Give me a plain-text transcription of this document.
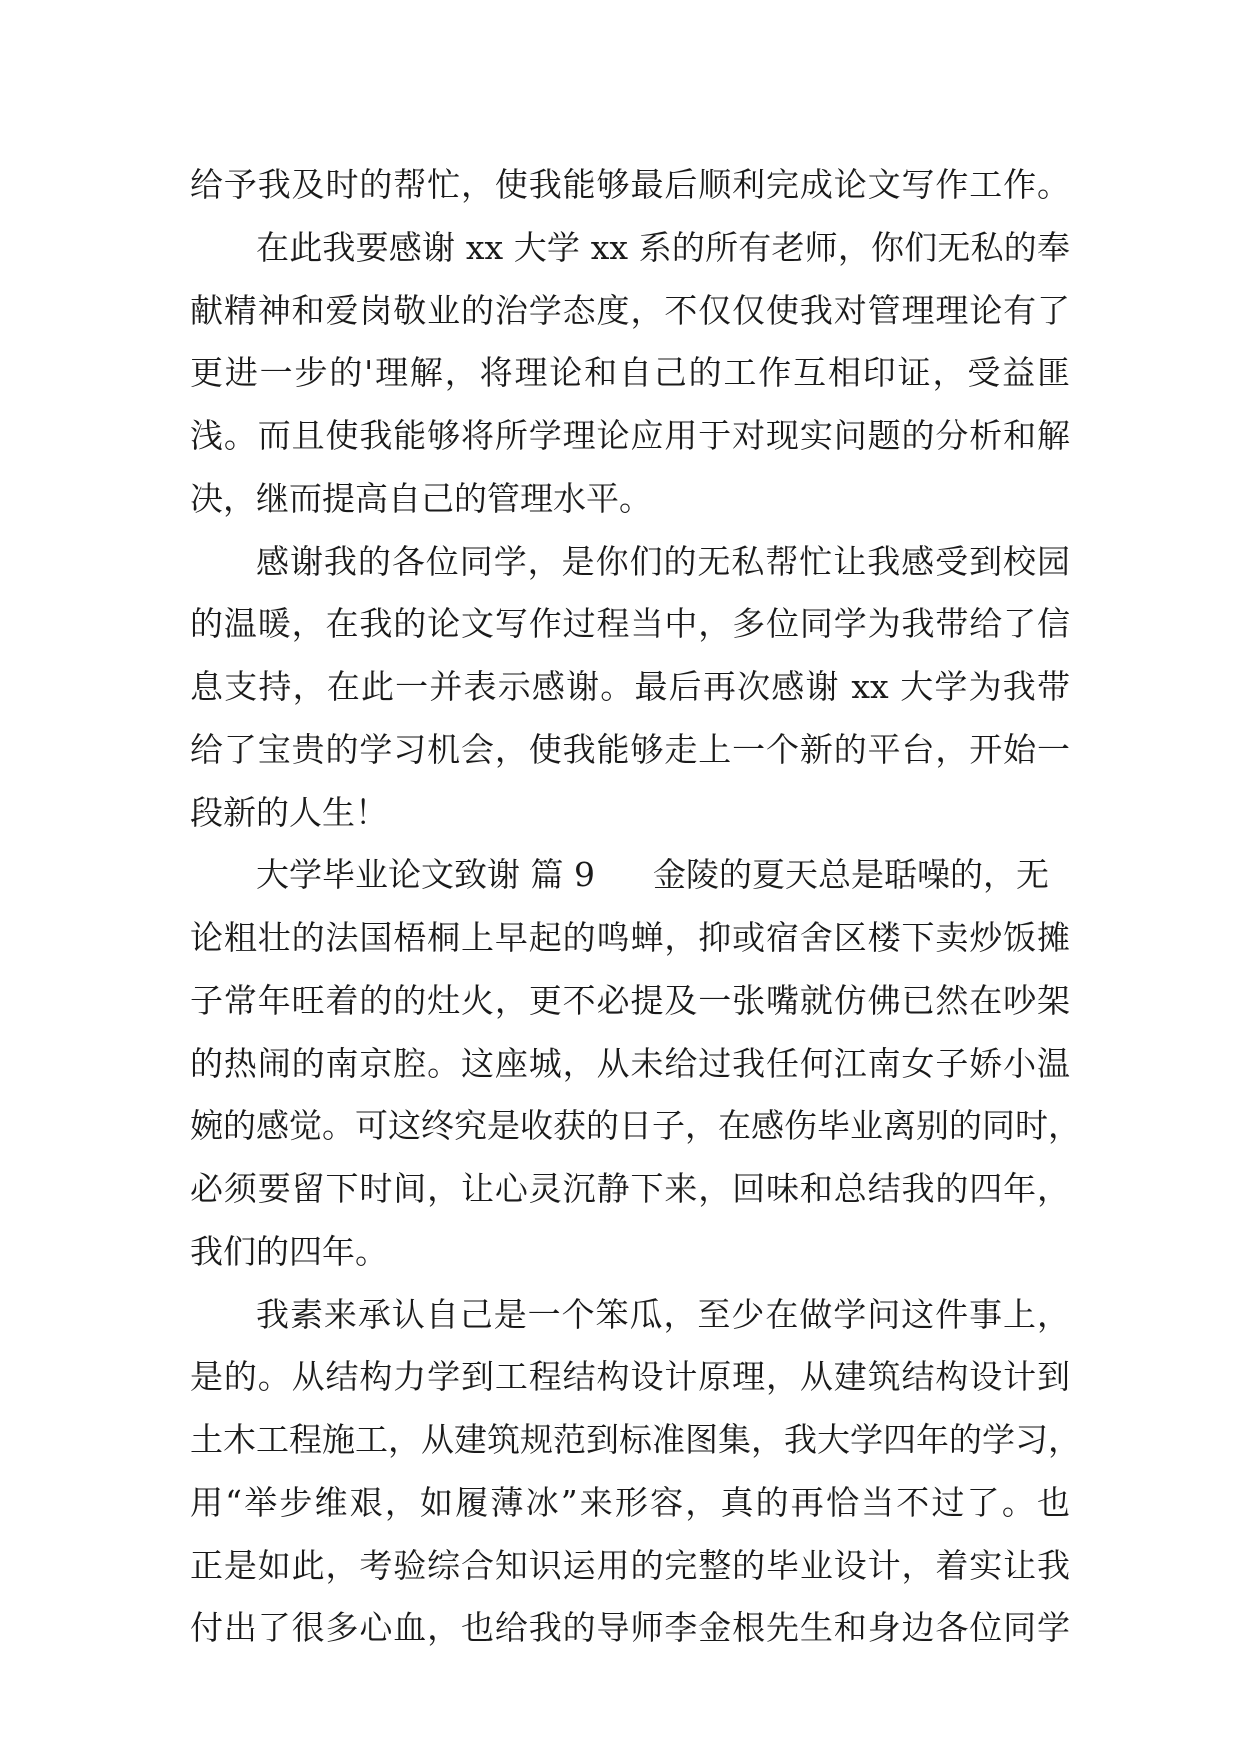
给予我及时的帮忙，使我能够最后顺利完成论文写作工作。
在此我要感谢 xx 大学 xx 系的所有老师，你们无私的奉
献精神和爱岗敬业的治学态度，不仅仅使我对管理理论有了
更进一步的'理解，将理论和自己的工作互相印证，受益匪
浅。而且使我能够将所学理论应用于对现实问题的分析和解
决，继而提高自己的管理水平。
感谢我的各位同学，是你们的无私帮忙让我感受到校园
的温暖，在我的论文写作过程当中，多位同学为我带给了信
息支持，在此一并表示感谢。最后再次感谢 xx 大学为我带
给了宝贵的学习机会，使我能够走上一个新的平台，开始一
段新的人生！
大学毕业论文致谢 篇 9 金陵的夏天总是聒噪的，无
论粗壮的法国梧桐上早起的鸣蝉，抑或宿舍区楼下卖炒饭摊
子常年旺着的的灶火，更不必提及一张嘴就仿佛已然在吵架
的热闹的南京腔。这座城，从未给过我任何江南女子娇小温
婉的感觉。可这终究是收获的日子，在感伤毕业离别的同时，
必须要留下时间，让心灵沉静下来，回味和总结我的四年，
我们的四年。
我素来承认自己是一个笨瓜，至少在做学问这件事上，
是的。从结构力学到工程结构设计原理，从建筑结构设计到
土木工程施工，从建筑规范到标准图集，我大学四年的学习，
用“举步维艰，如履薄冰”来形容，真的再恰当不过了。也
正是如此，考验综合知识运用的完整的毕业设计，着实让我
付出了很多心血，也给我的导师李金根先生和身边各位同学
